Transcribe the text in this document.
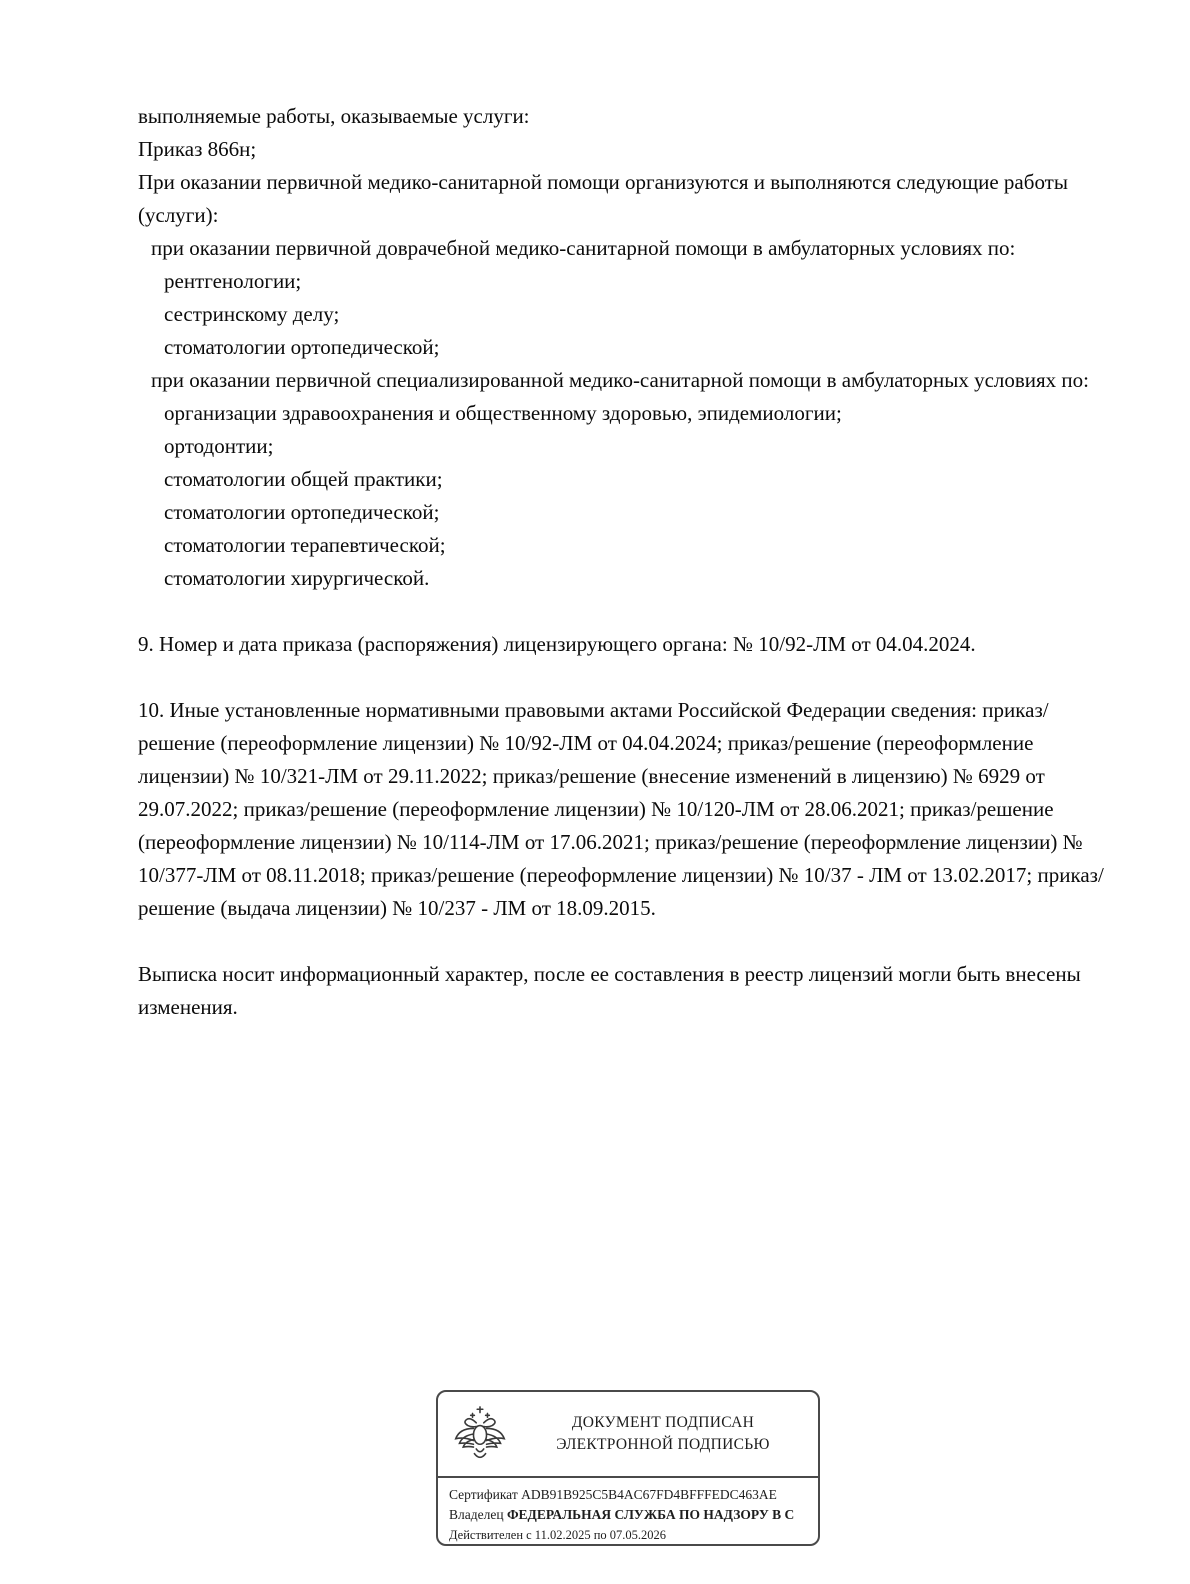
выполняемые работы, оказываемые услуги:

Приказ 866н;

При оказании первичной медико-санитарной помощи организуются и выполняются следующие работы (услуги):

при оказании первичной доврачебной медико-санитарной помощи в амбулаторных условиях по:

рентгенологии;

сестринскому делу;

стоматологии ортопедической;

при оказании первичной специализированной медико-санитарной помощи в амбулаторных условиях по:

организации здравоохранения и общественному здоровью, эпидемиологии;

ортодонтии;

стоматологии общей практики;

стоматологии ортопедической;

стоматологии терапевтической;

стоматологии хирургической.

9. Номер и дата приказа (распоряжения) лицензирующего органа: № 10/92-ЛМ от 04.04.2024.

10. Иные установленные нормативными правовыми актами Российской Федерации сведения: приказ/решение (переоформление лицензии) № 10/92-ЛМ от 04.04.2024; приказ/решение (переоформление лицензии) № 10/321-ЛМ от 29.11.2022; приказ/решение (внесение изменений в лицензию) № 6929 от 29.07.2022; приказ/решение (переоформление лицензии) № 10/120-ЛМ от 28.06.2021; приказ/решение (переоформление лицензии) № 10/114-ЛМ от 17.06.2021; приказ/решение (переоформление лицензии) № 10/377-ЛМ от 08.11.2018; приказ/решение (переоформление лицензии) № 10/37 - ЛМ от 13.02.2017; приказ/решение (выдача лицензии) № 10/237 - ЛМ от 18.09.2015.

Выписка носит информационный характер, после ее составления в реестр лицензий могли быть внесены изменения.

ДОКУМЕНТ ПОДПИСАН
ЭЛЕКТРОННОЙ ПОДПИСЬЮ
Сертификат ADB91B925C5B4AC67FD4BFFFEDC463AE
Владелец ФЕДЕРАЛЬНАЯ СЛУЖБА ПО НАДЗОРУ В С
Действителен с 11.02.2025 по 07.05.2026
